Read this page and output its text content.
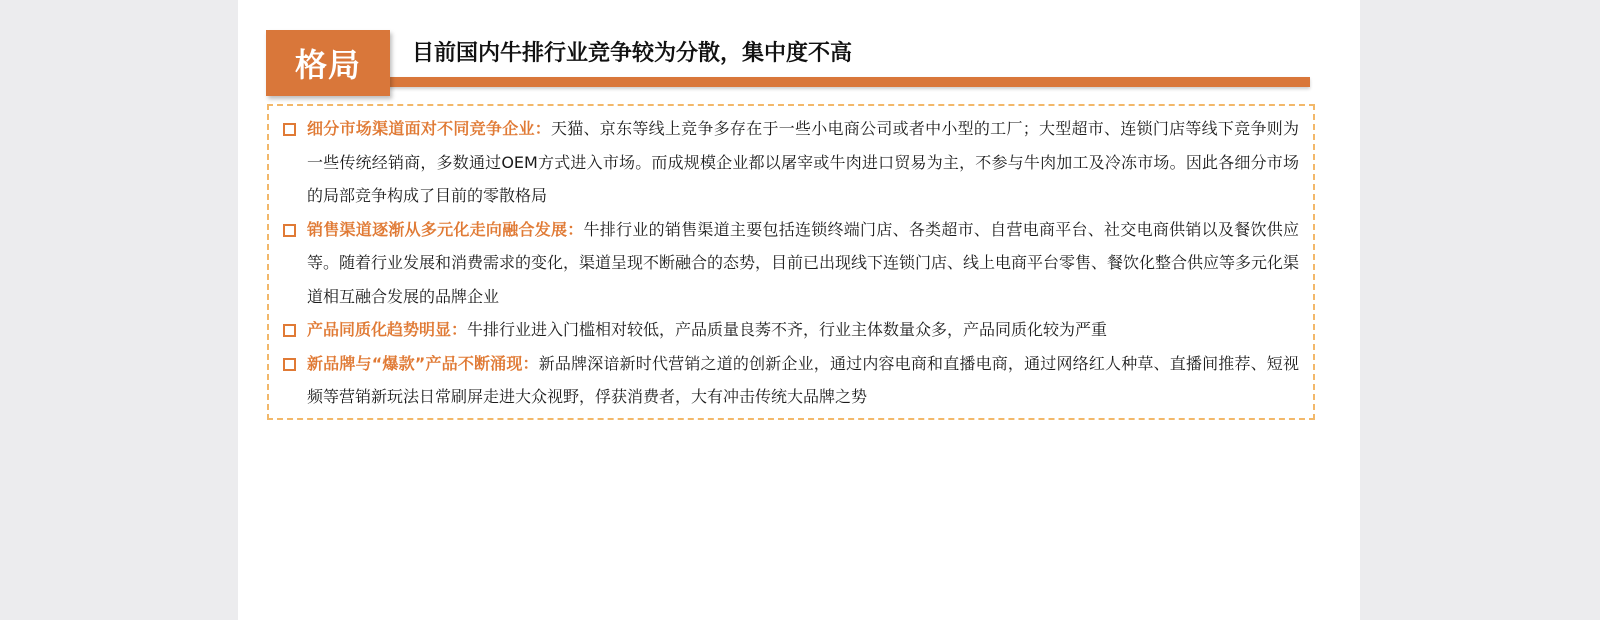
格局 目前国内牛排行业竞争较为分散，集中度不高
细分市场渠道面对不同竞争企业：天猫、京东等线上竞争多存在于一些小电商公司或者中小型的工厂；大型超市、连锁门店等线下竞争则为一些传统经销商，多数通过OEM方式进入市场。而成规模企业都以屠宰或牛肉进口贸易为主，不参与牛肉加工及冷冻市场。因此各细分市场的局部竞争构成了目前的零散格局
销售渠道逐渐从多元化走向融合发展：牛排行业的销售渠道主要包括连锁终端门店、各类超市、自营电商平台、社交电商供销以及餐饮供应等。随着行业发展和消费需求的变化，渠道呈现不断融合的态势，目前已出现线下连锁门店、线上电商平台零售、餐饮化整合供应等多元化渠道相互融合发展的品牌企业
产品同质化趋势明显：牛排行业进入门槛相对较低，产品质量良莠不齐，行业主体数量众多，产品同质化较为严重
新品牌与“爆款”产品不断涌现：新品牌深谙新时代营销之道的创新企业，通过内容电商和直播电商，通过网络红人种草、直播间推荐、短视频等营销新玩法日常刷屏走进大众视野，俘获消费者，大有冲击传统大品牌之势
